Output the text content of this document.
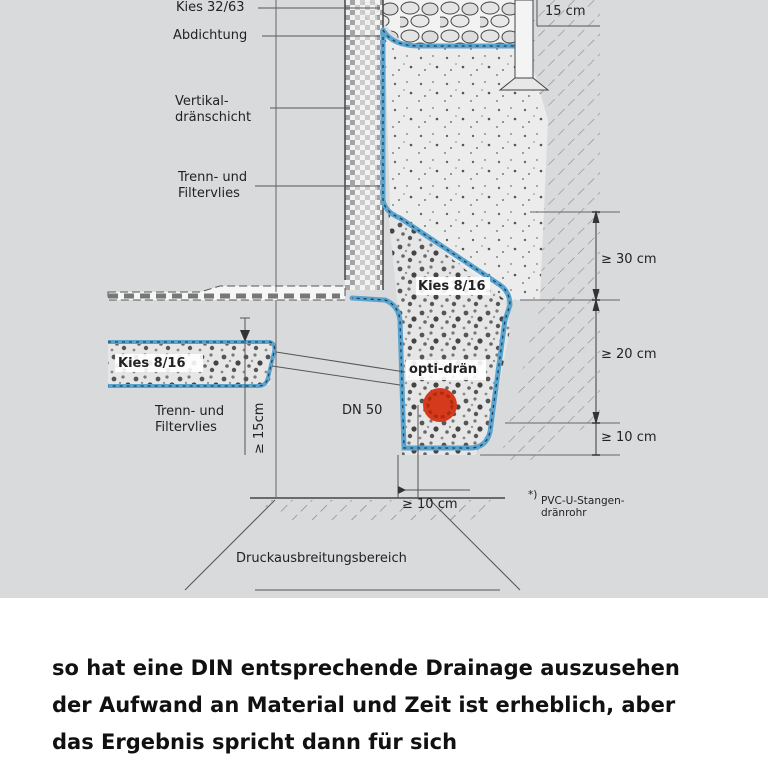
Kies 32/63
Abdichtung
Vertikal-
dränschicht
Trenn- und
Filtervlies
Kies 8/16
Kies 8/16	opti-drän
Trenn- und
Filtervlies
DN 50
≥ 15cm
15 cm
≥ 30 cm
≥ 20 cm
≥ 10 cm
≥ 10 cm
*) PVC-U-Stangen-
dränrohr
Druckausbreitungsbereich
so hat eine DIN entsprechende Drainage auszusehen
der Aufwand an Material und Zeit ist erheblich, aber
das Ergebnis spricht dann für sich
